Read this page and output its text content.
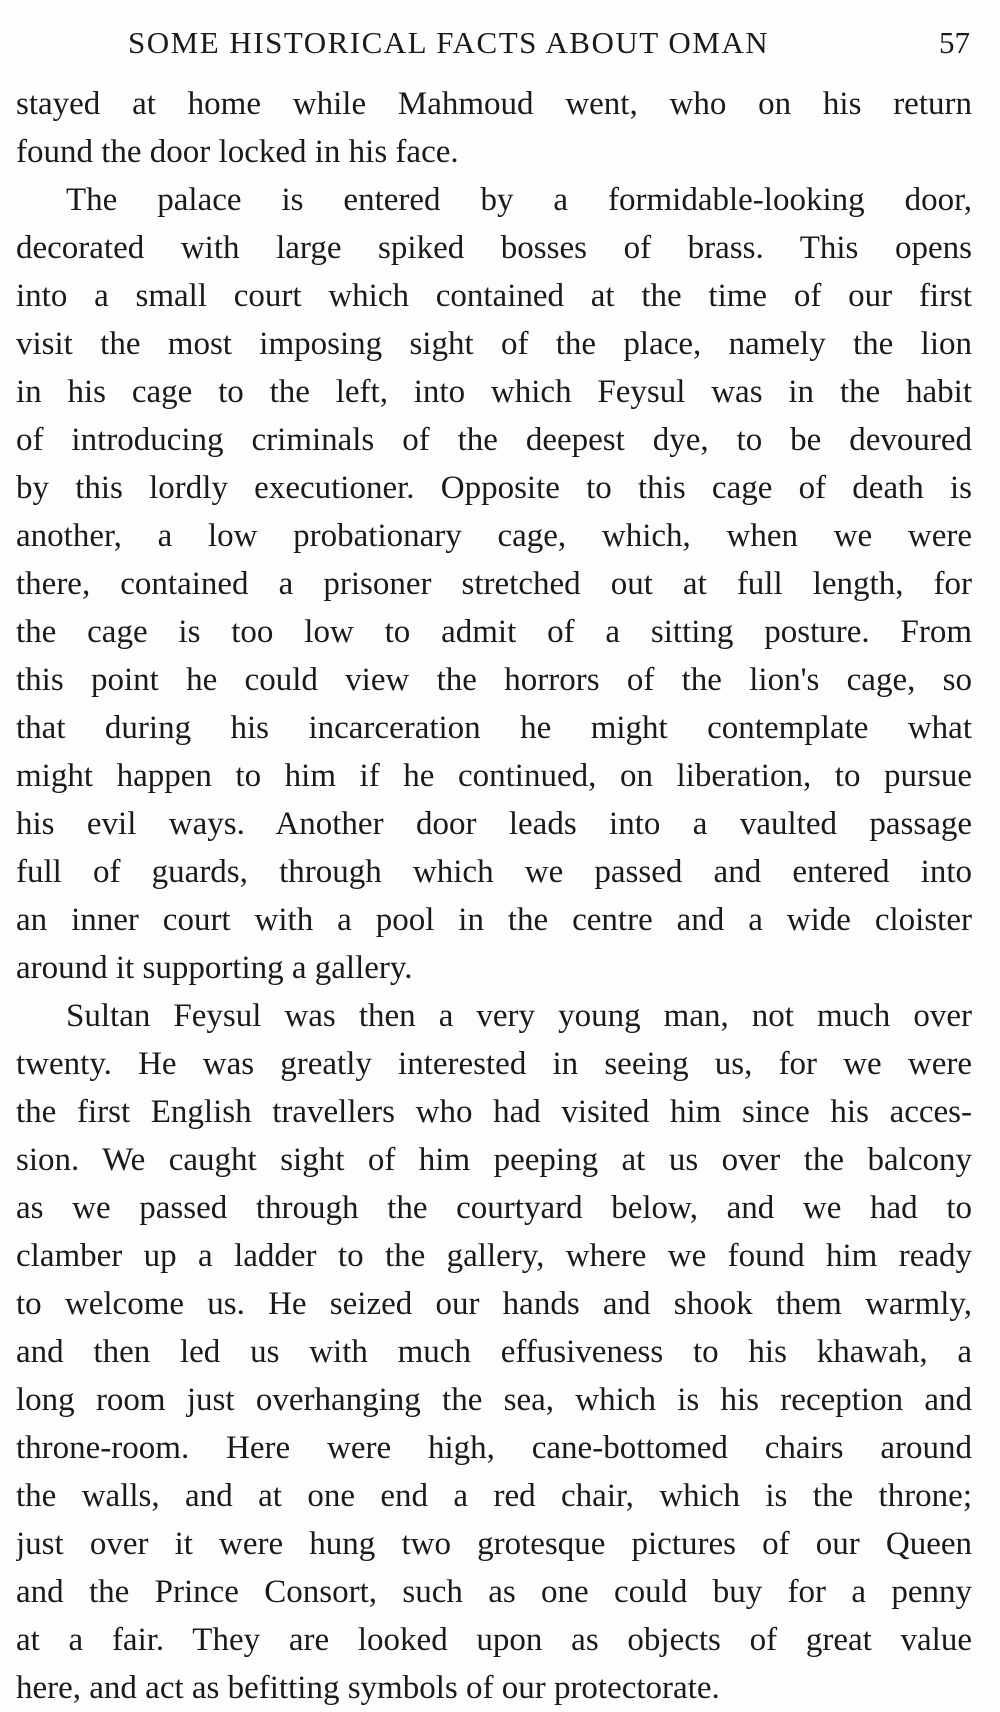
SOME HISTORICAL FACTS ABOUT OMAN	57
stayed at home while Mahmoud went, who on his return
found the door locked in his face.
The palace is entered by a formidable-looking door,
decorated with large spiked bosses of brass. This opens
into a small court which contained at the time of our first
visit the most imposing sight of the place, namely the lion
in his cage to the left, into which Feysul was in the habit
of introducing criminals of the deepest dye, to be devoured
by this lordly executioner. Opposite to this cage of death is
another, a low probationary cage, which, when we were
there, contained a prisoner stretched out at full length, for
the cage is too low to admit of a sitting posture. From
this point he could view the horrors of the lion's cage, so
that during his incarceration he might contemplate what
might happen to him if he continued, on liberation, to pursue
his evil ways. Another door leads into a vaulted passage
full of guards, through which we passed and entered into
an inner court with a pool in the centre and a wide cloister
around it supporting a gallery.
Sultan Feysul was then a very young man, not much over
twenty. He was greatly interested in seeing us, for we were
the first English travellers who had visited him since his acces-
sion. We caught sight of him peeping at us over the balcony
as we passed through the courtyard below, and we had to
clamber up a ladder to the gallery, where we found him ready
to welcome us. He seized our hands and shook them warmly,
and then led us with much effusiveness to his khawah, a
long room just overhanging the sea, which is his reception and
throne-room. Here were high, cane-bottomed chairs around
the walls, and at one end a red chair, which is the throne;
just over it were hung two grotesque pictures of our Queen
and the Prince Consort, such as one could buy for a penny
at a fair. They are looked upon as objects of great value
here, and act as befitting symbols of our protectorate.
